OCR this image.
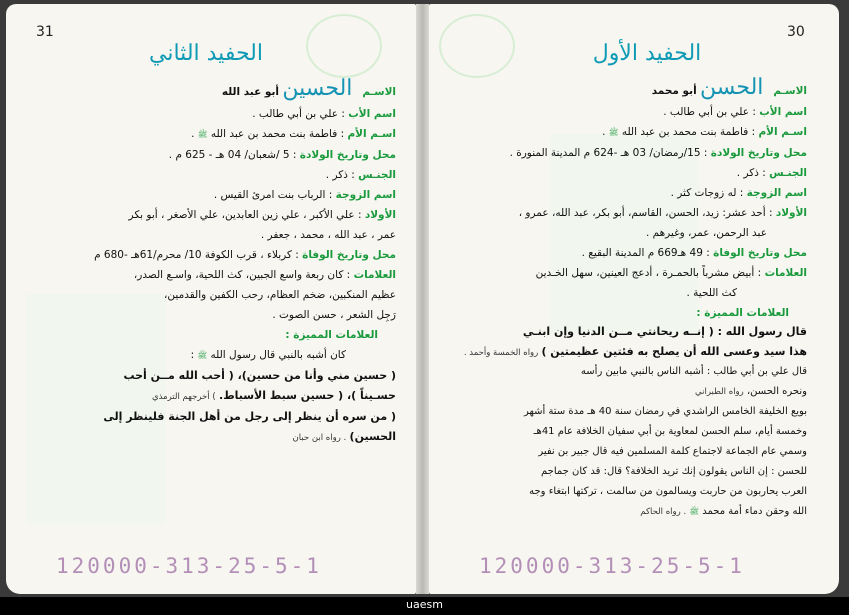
31
الحفيد الثاني
الاسـم   الحسين أبو عبد الله
اسم الأب : علي بن أبي طالب .
اسـم الأم : فاطمة بنت محمد بن عبد الله ﷺ .
محل وتاريخ الولادة : 5 /شعبان/ 04 هـ - 625 م .
الجنـس : ذكر .
اسم الزوجة : الرباب بنت امرئ القيس .
الأولاد : علي الأكبر ، علي زين العابدين، علي الأصغر ، أبو بكر
عمر ، عبد الله ، محمد ، جعفر .
محل وتاريخ الوفاة : كربلاء ، قرب الكوفة 10/ محرم/61هـ -680 م
العلامات : كان ربعة واسع الجبين، كث اللحية، واسـع الصدر،
عظيم المنكبين، ضخم العظام، رحب الكفين والقدمين،
رَجِل الشعر ، حسن الصوت .
العلامات المميزة :
كان أشبه بالنبي قال رسول الله ﷺ :
( حسين مني وأنا من حسين)، ( أحب الله مــن أحب
حسـيناً )، ( حسين سبط الأسباط. ) أخرجهم الترمذي
( من سره أن ينظر إلى رجل من أهل الجنة فلينظر إلى
الحسين) . رواه ابن حبان
120000-313-25-5-1
30
الحفيد الأول
الاسـم   الحسن أبو محمد
اسم الأب : علي بن أبي طالب .
اسـم الأم : فاطمة بنت محمد بن عبد الله ﷺ .
محل وتاريخ الولادة : 15/رمضان/ 03 هـ -624 م المدينة المنورة .
الجنـس : ذكر .
اسم الزوجة : له زوجات كثر .
الأولاد : أحد عشر: زيد، الحسن، القاسم، أبو بكر، عبد الله، عمرو ،
عبد الرحمن، عمر، وغيرهم .
محل وتاريخ الوفاة : 49 هـ669 م المدينة البقيع .
العلامات : أبيض مشرباً بالحمـرة ، أدعج العينين، سهل الخـدين
كث اللحية .
العلامات المميزة :
قال رسول الله : ( إنــه ريحانتي مــن الدنيا وإن ابنـي
هذا سيد وعسى الله أن يصلح به فئتين عظيمتين ) رواه الخمسة وأحمد .
قال علي بن أبي طالب : أشبه الناس بالنبي مابين رأسه
ونحره الحسن، رواه الطبراني
بويع الخليفة الخامس الراشدي في رمضان سنة 40 هـ مدة ستة أشهر
وخمسة أيام، سلم الحسن لمعاوية بن أبي سفيان الخلافة عام 41هـ
وسمي عام الجماعة لاجتماع كلمة المسلمين فيه قال جبير بن نفير
للحسن : إن الناس يقولون إنك تريد الخلافة؟ قال: قد كان جماجم
العرب يحاربون من حاربت ويسالمون من سالمت ، تركتها ابتغاء وجه
الله وحقن دماء أمة محمد ﷺ . رواه الحاكم
120000-313-25-5-1
uaesm
